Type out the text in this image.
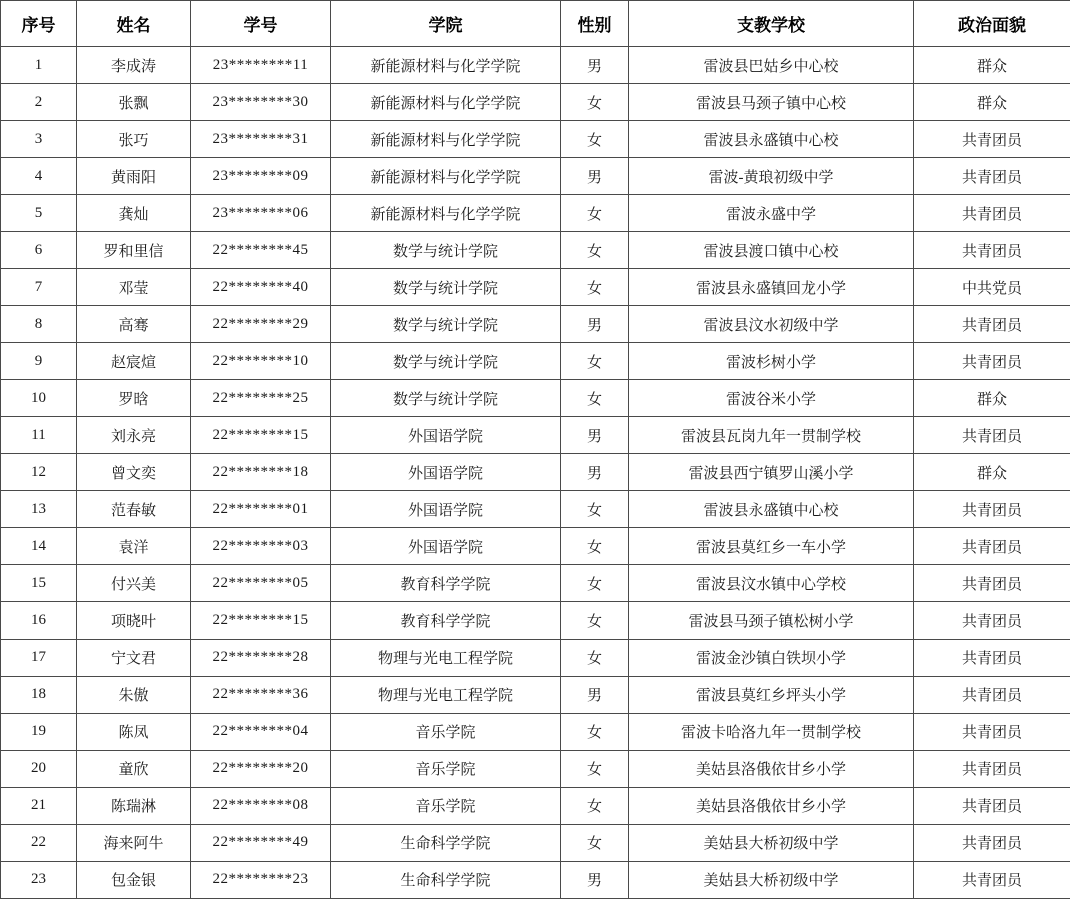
序号	姓名	学号	学院	性别	支教学校	政治面貌
1	李成涛	23********11	新能源材料与化学学院	男	雷波县巴姑乡中心校	群众
2	张飘	23********30	新能源材料与化学学院	女	雷波县马颈子镇中心校	群众
3	张巧	23********31	新能源材料与化学学院	女	雷波县永盛镇中心校	共青团员
4	黄雨阳	23********09	新能源材料与化学学院	男	雷波-黄琅初级中学	共青团员
5	龚灿	23********06	新能源材料与化学学院	女	雷波永盛中学	共青团员
6	罗和里信	22********45	数学与统计学院	女	雷波县渡口镇中心校	共青团员
7	邓莹	22********40	数学与统计学院	女	雷波县永盛镇回龙小学	中共党员
8	高骞	22********29	数学与统计学院	男	雷波县汶水初级中学	共青团员
9	赵宸煊	22********10	数学与统计学院	女	雷波杉树小学	共青团员
10	罗晗	22********25	数学与统计学院	女	雷波谷米小学	群众
11	刘永亮	22********15	外国语学院	男	雷波县瓦岗九年一贯制学校	共青团员
12	曾文奕	22********18	外国语学院	男	雷波县西宁镇罗山溪小学	群众
13	范春敏	22********01	外国语学院	女	雷波县永盛镇中心校	共青团员
14	袁洋	22********03	外国语学院	女	雷波县莫红乡一车小学	共青团员
15	付兴美	22********05	教育科学学院	女	雷波县汶水镇中心学校	共青团员
16	项晓叶	22********15	教育科学学院	女	雷波县马颈子镇松树小学	共青团员
17	宁文君	22********28	物理与光电工程学院	女	雷波金沙镇白铁坝小学	共青团员
18	朱傲	22********36	物理与光电工程学院	男	雷波县莫红乡坪头小学	共青团员
19	陈凤	22********04	音乐学院	女	雷波卡哈洛九年一贯制学校	共青团员
20	童欣	22********20	音乐学院	女	美姑县洛俄依甘乡小学	共青团员
21	陈瑞淋	22********08	音乐学院	女	美姑县洛俄依甘乡小学	共青团员
22	海来阿牛	22********49	生命科学学院	女	美姑县大桥初级中学	共青团员
23	包金银	22********23	生命科学学院	男	美姑县大桥初级中学	共青团员
